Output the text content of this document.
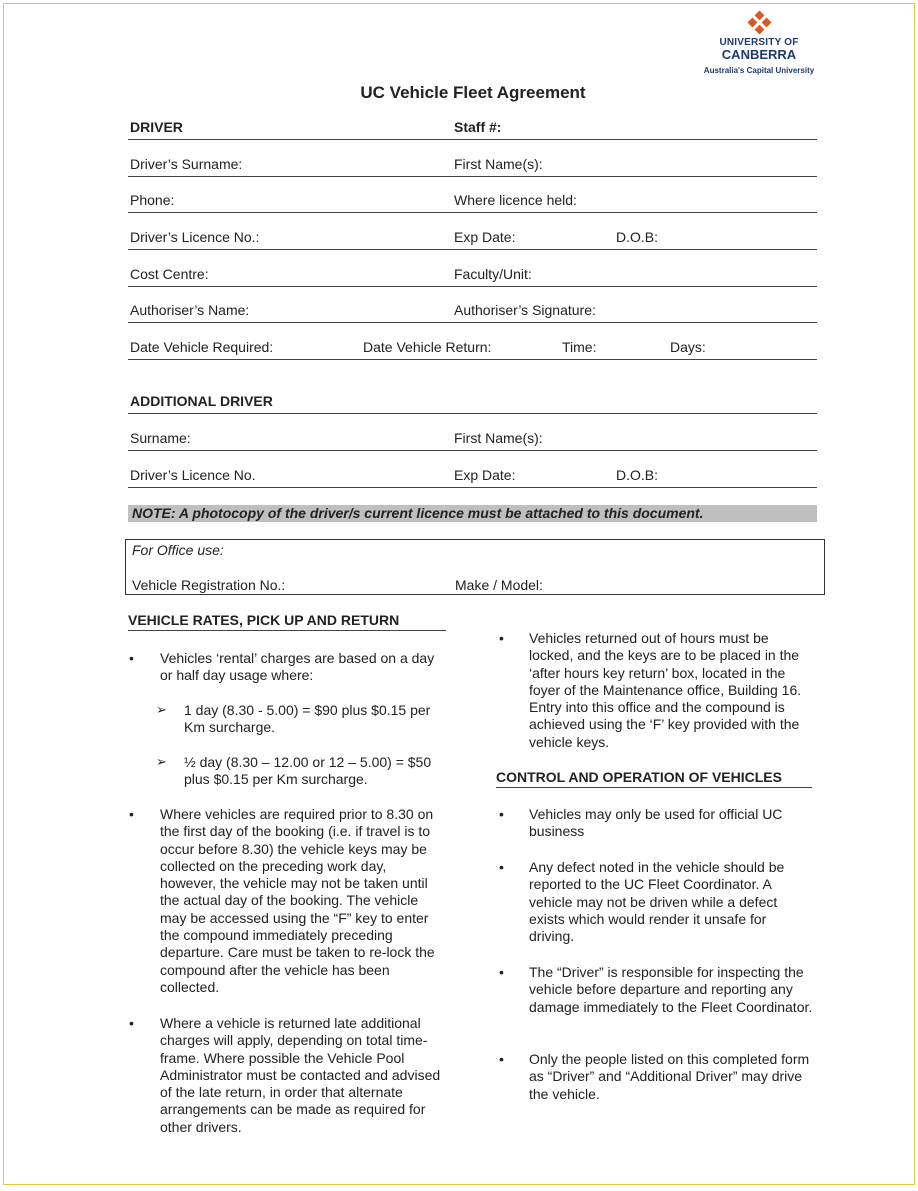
UNIVERSITY OF
CANBERRA
Australia's Capital University
UC Vehicle Fleet Agreement
DRIVER	Staff #:
Driver’s Surname:	First Name(s):
Phone:	Where licence held:
Driver’s Licence No.:	Exp Date:	D.O.B:
Cost Centre:	Faculty/Unit:
Authoriser’s Name:	Authoriser’s Signature:
Date Vehicle Required:	Date Vehicle Return:	Time:	Days:
ADDITIONAL DRIVER
Surname:	First Name(s):
Driver’s Licence No.	Exp Date:	D.O.B:
NOTE: A photocopy of the driver/s current licence must be attached to this document.
For Office use:
Vehicle Registration No.:	Make / Model:
VEHICLE RATES, PICK UP AND RETURN
• Vehicles ‘rental’ charges are based on a day or half day usage where:
➢ 1 day (8.30 - 5.00) = $90 plus $0.15 per Km surcharge.
➢ ½ day (8.30 – 12.00 or 12 – 5.00) = $50 plus $0.15 per Km surcharge.
• Where vehicles are required prior to 8.30 on the first day of the booking (i.e. if travel is to occur before 8.30) the vehicle keys may be collected on the preceding work day, however, the vehicle may not be taken until the actual day of the booking. The vehicle may be accessed using the “F” key to enter the compound immediately preceding departure. Care must be taken to re-lock the compound after the vehicle has been collected.
• Where a vehicle is returned late additional charges will apply, depending on total time-frame. Where possible the Vehicle Pool Administrator must be contacted and advised of the late return, in order that alternate arrangements can be made as required for other drivers.
• Vehicles returned out of hours must be locked, and the keys are to be placed in the ‘after hours key return’ box, located in the foyer of the Maintenance office, Building 16. Entry into this office and the compound is achieved using the ‘F’ key provided with the vehicle keys.
CONTROL AND OPERATION OF VEHICLES
• Vehicles may only be used for official UC business
• Any defect noted in the vehicle should be reported to the UC Fleet Coordinator. A vehicle may not be driven while a defect exists which would render it unsafe for driving.
• The “Driver” is responsible for inspecting the vehicle before departure and reporting any damage immediately to the Fleet Coordinator.
• Only the people listed on this completed form as “Driver” and “Additional Driver” may drive the vehicle.
